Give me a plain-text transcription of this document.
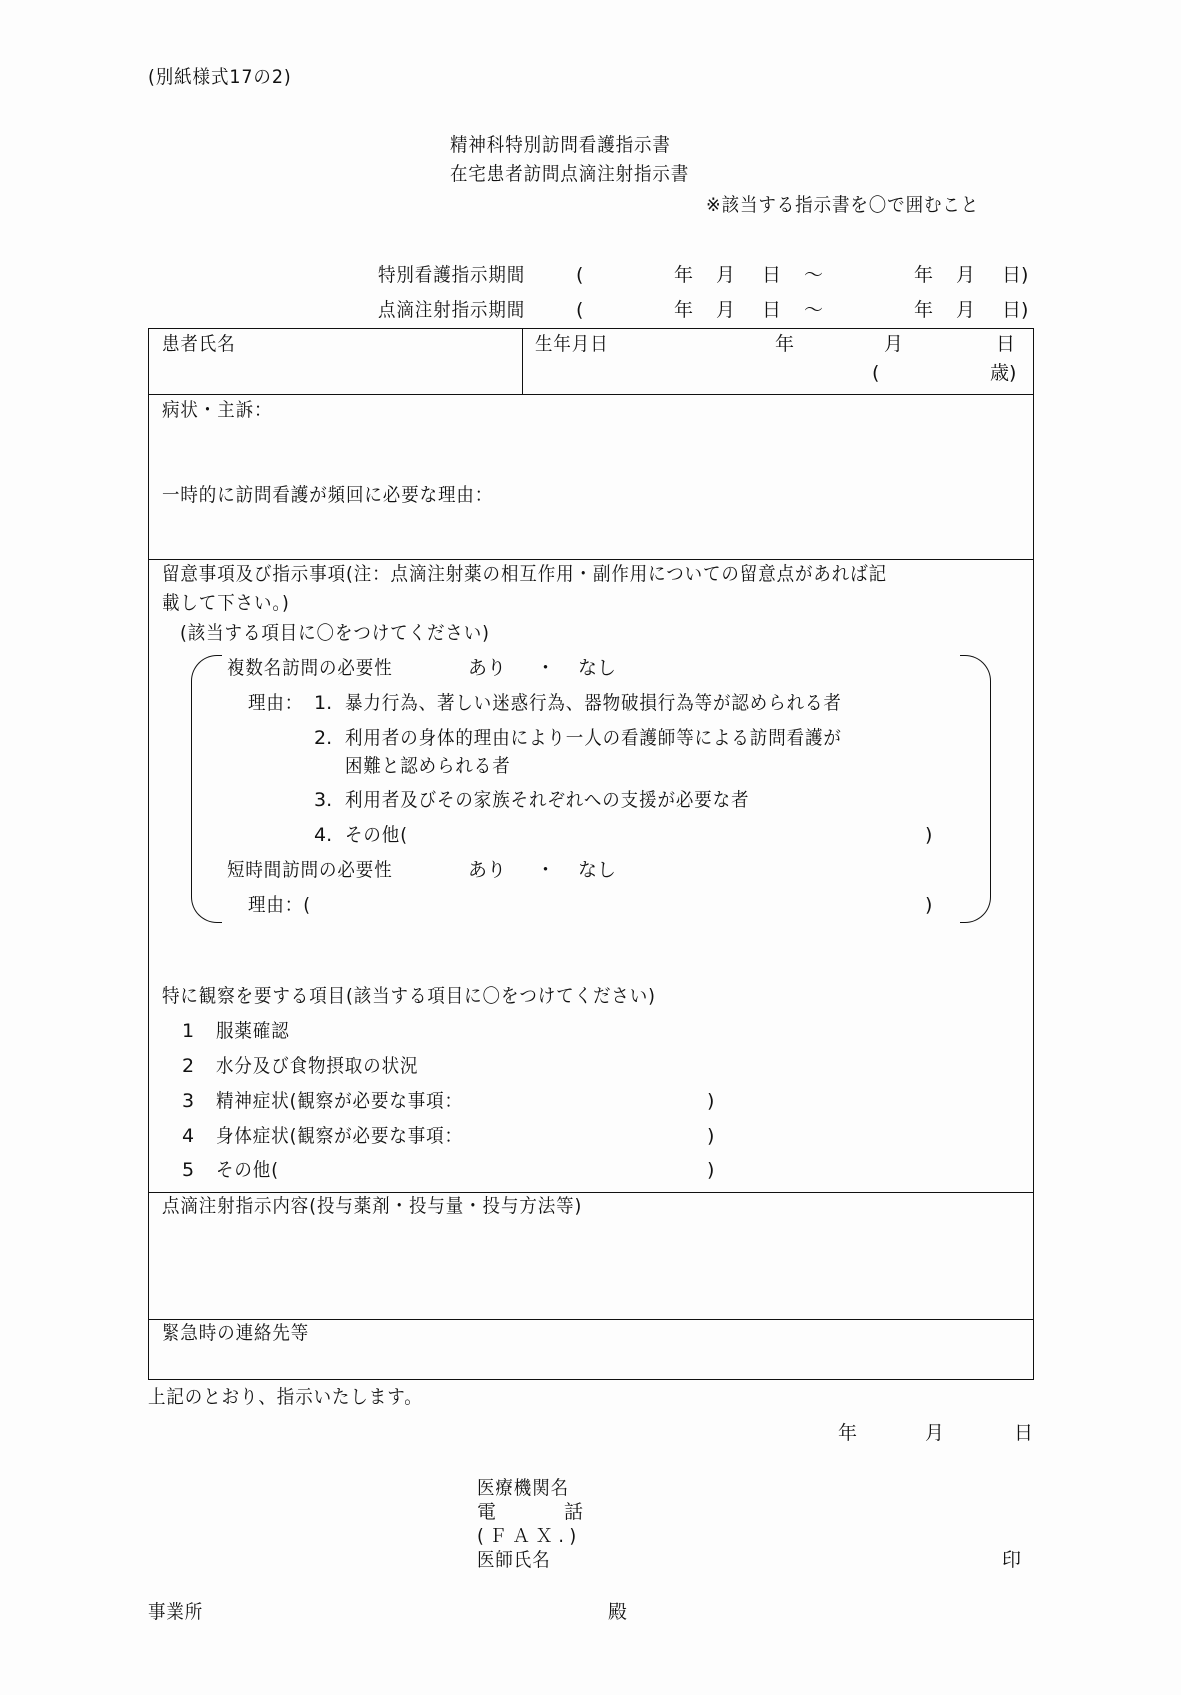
(別紙様式17の2)
精神科特別訪問看護指示書
在宅患者訪問点滴注射指示書
※該当する指示書を〇で囲むこと
特別看護指示期間	(	年 月 日 ～	年 月 日)
点滴注射指示期間	(	年 月 日 ～	年 月 日)
患者氏名	生年月日	年	月	日
(	歳)
病状・主訴：
一時的に訪問看護が頻回に必要な理由：
留意事項及び指示事項(注：点滴注射薬の相互作用・副作用についての留意点があれば記
載して下さい。)
(該当する項目に〇をつけてください)
複数名訪問の必要性	あり ・ なし
理由： 1. 暴力行為、著しい迷惑行為、器物破損行為等が認められる者
2. 利用者の身体的理由により一人の看護師等による訪問看護が
困難と認められる者
3. 利用者及びその家族それぞれへの支援が必要な者
4. その他(	)
短時間訪問の必要性	あり ・ なし
理由：(	)
特に観察を要する項目(該当する項目に〇をつけてください)
1 服薬確認
2 水分及び食物摂取の状況
3 精神症状(観察が必要な事項：	)
4 身体症状(観察が必要な事項：	)
5 その他(	)
点滴注射指示内容(投与薬剤・投与量・投与方法等)
緊急時の連絡先等
上記のとおり、指示いたします。
年	月	日
医療機関名
電	話
(ＦＡＸ.)
医師氏名	印
事業所	殿
